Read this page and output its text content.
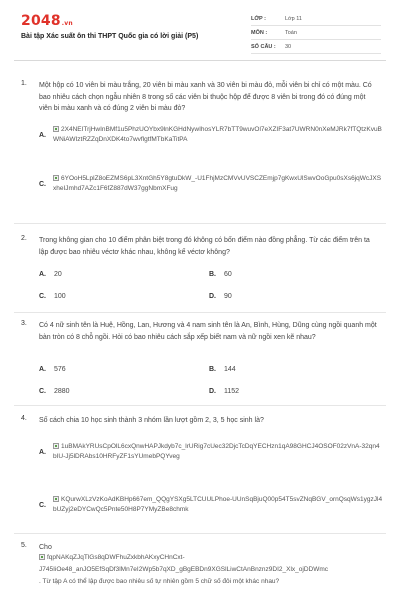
2048.vn
Bài tập Xác suất ôn thi THPT Quốc gia có lời giải (P5)
LỚP :	Lớp 11
MÔN :	Toán
SỐ CÂU :	30
1. Một hộp có 10 viên bi màu trắng, 20 viên bi màu xanh và 30 viên bi màu đỏ, mỗi viên bi chỉ có một màu. Có bao nhiêu cách chọn ngẫu nhiên 8 trong số các viên bi thuộc hộp để được 8 viên bi trong đó có đúng một viên bi màu xanh và có đúng 2 viên bi màu đỏ?
A.
2X4NEITrjHwInBMf1u5PhzUOYbx9lnKGHdNywIhosYLR7bTT9wuvOl7eXZIF3at7UWRN0nXeMJRk7fTQtzKvuBWNiAWIztRZZqDnXDK4to7wvflgtfMTbKaTitPA
C.
6YOoH5LplZ8oEZMS6pL3XntGh5Y8gtuDkW_-U1FhjMzCMVvUVSCZEmjp7gKwxUlSwvOoGpu0sXs6jqWcJXSxheIJmhd7AZc1F6fZ887dW37ggNbmXFug
2. Trong không gian cho 10 điểm phân biệt trong đó không có bốn điểm nào đồng phẳng. Từ các điểm trên ta lập được bao nhiêu véctơ khác nhau, không kể véctơ không?
A. 20	B. 60
C. 100	D. 90
3. Có 4 nữ sinh tên là Huệ, Hồng, Lan, Hương và 4 nam sinh tên là An, Bình, Hùng, Dũng cùng ngồi quanh một bàn tròn có 8 chỗ ngồi. Hỏi có bao nhiêu cách sắp xếp biết nam và nữ ngồi xen kẽ nhau?
A. 576	B. 144
C. 2880	D. 1152
4. Số cách chia 10 học sinh thành 3 nhóm lần lượt gồm 2, 3, 5 học sinh là?
A.
1uBMAkYRUsCpOlL6cxQnwHAPJkdyb7c_lrURig7cUec32DjcTcDqYECHzn1qA98GHCJ4OSOF02zVnA-32qn4bIU-Jj5lDRAbs10HRFyZF1sYUmebPQYveg
C.
KQurwXLzVzKoAdKBHp667em_QQgYSXg5LTCUULPhoe-UUnSqBjuQ00p54T5svZNqBGV_ornQsqWs1ygzJl4bUZyj2eDYCwQc5Pnte50H8P7YMyZBe8chmk
5. Cho
fqpNAKqZJqTlGs8qDWFhuZxkbhAKxyCHnCxt-
J745IiOe48_anJO5EfSqDf3lMn7eI2Wp5b7qXD_gBgEBDn9XGSlLiwCtAnBnznz9DI2_Xlx_ojDDWmc
. Từ tập A có thể lập được bao nhiêu số tự nhiên gồm 5 chữ số đôi một khác nhau?
